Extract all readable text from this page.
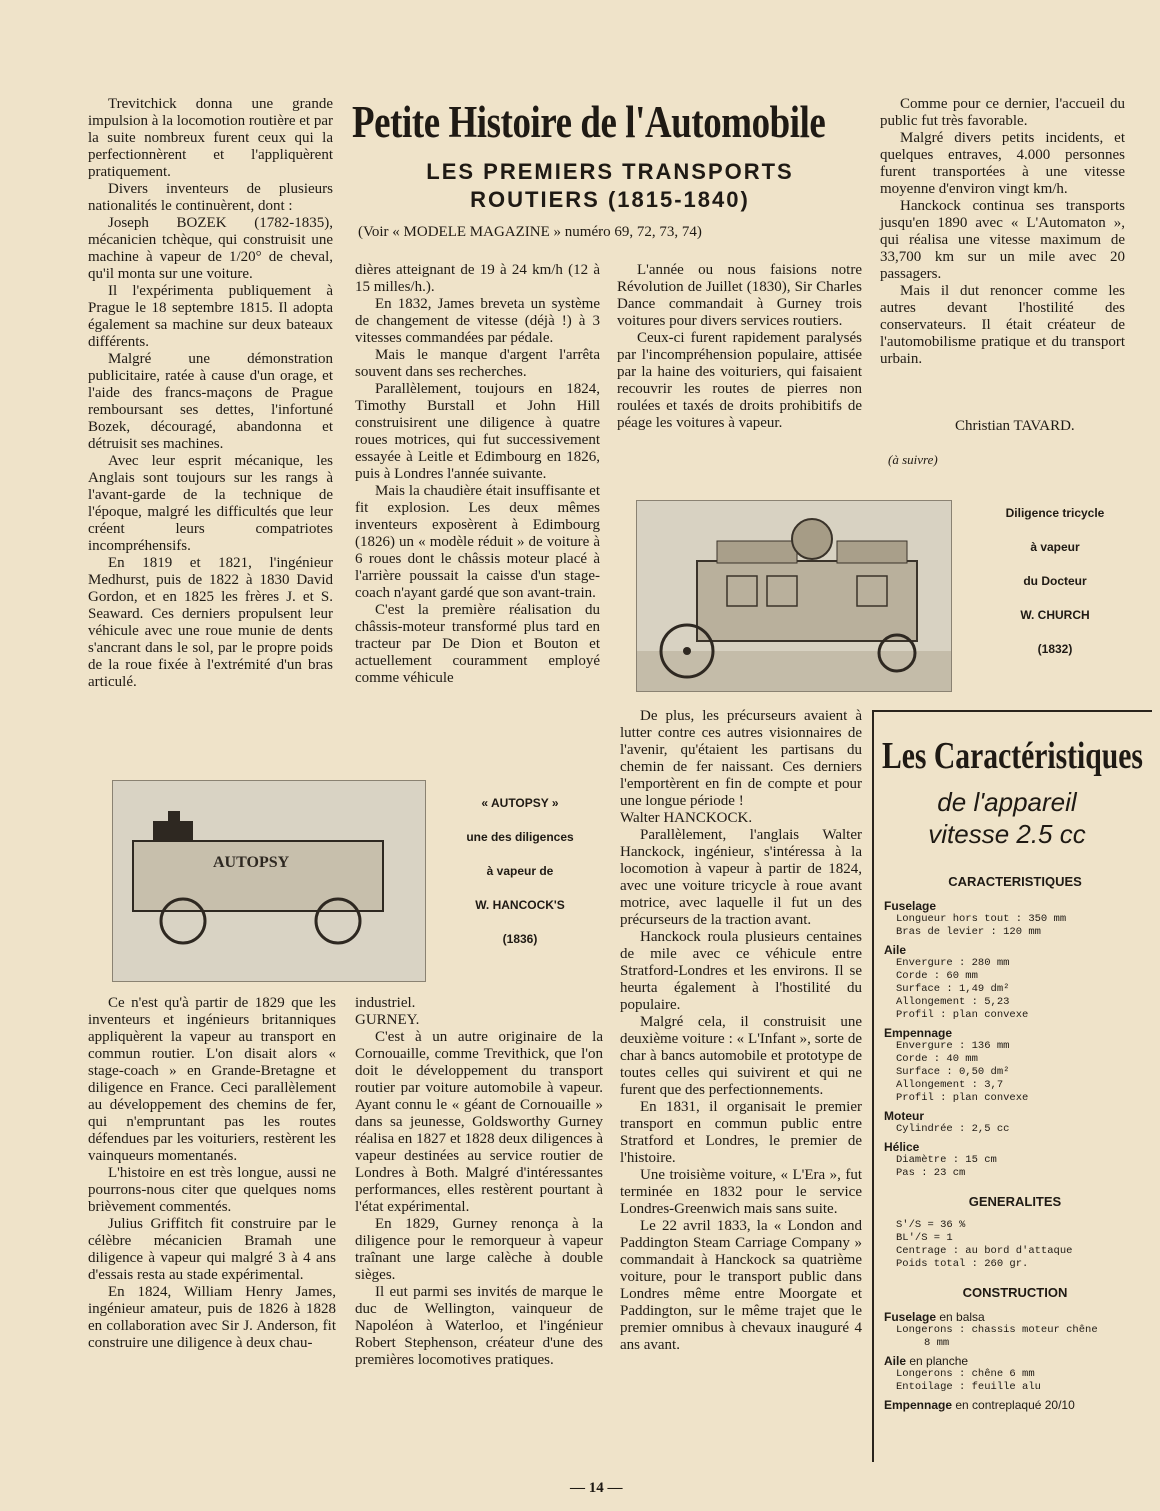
Petite Histoire de l'Automobile
LES PREMIERS TRANSPORTS
ROUTIERS (1815-1840)
(Voir « MODELE MAGAZINE » numéro 69, 72, 73, 74)

Trevitchick donna une grande impulsion à la locomotion routière et par la suite nombreux furent ceux qui la perfectionnèrent et l'appliquèrent pratiquement.

Divers inventeurs de plusieurs nationalités le continuèrent, dont :

Joseph BOZEK (1782-1835), mécanicien tchèque, qui construisit une machine à vapeur de 1/20° de cheval, qu'il monta sur une voiture.

Il l'expérimenta publiquement à Prague le 18 septembre 1815. Il adopta également sa machine sur deux bateaux différents.

Malgré une démonstration publicitaire, ratée à cause d'un orage, et l'aide des francs-maçons de Prague remboursant ses dettes, l'infortuné Bozek, découragé, abandonna et détruisit ses machines.

Avec leur esprit mécanique, les Anglais sont toujours sur les rangs à l'avant-garde de la technique de l'époque, malgré les difficultés que leur créent leurs compatriotes incompréhensifs.

En 1819 et 1821, l'ingénieur Medhurst, puis de 1822 à 1830 David Gordon, et en 1825 les frères J. et S. Seaward. Ces derniers propulsent leur véhicule avec une roue munie de dents s'ancrant dans le sol, par le propre poids de la roue fixée à l'extrémité d'un bras articulé.

dières atteignant de 19 à 24 km/h (12 à 15 milles/h.).

En 1832, James breveta un système de changement de vitesse (déjà !) à 3 vitesses commandées par pédale.

Mais le manque d'argent l'arrêta souvent dans ses recherches.

Parallèlement, toujours en 1824, Timothy Burstall et John Hill construisirent une diligence à quatre roues motrices, qui fut successivement essayée à Leitle et Edimbourg en 1826, puis à Londres l'année suivante.

Mais la chaudière était insuffisante et fit explosion. Les deux mêmes inventeurs exposèrent à Edimbourg (1826) un « modèle réduit » de voiture à 6 roues dont le châssis moteur placé à l'arrière poussait la caisse d'un stage-coach n'ayant gardé que son avant-train.

C'est la première réalisation du châssis-moteur transformé plus tard en tracteur par De Dion et Bouton et actuellement couramment employé comme véhicule

L'année ou nous faisions notre Révolution de Juillet (1830), Sir Charles Dance commandait à Gurney trois voitures pour divers services routiers.

Ceux-ci furent rapidement paralysés par l'incompréhension populaire, attisée par la haine des voituriers, qui faisaient recouvrir les routes de pierres non roulées et taxés de droits prohibitifs de péage les voitures à vapeur.

Comme pour ce dernier, l'accueil du public fut très favorable.

Malgré divers petits incidents, et quelques entraves, 4.000 personnes furent transportées à une vitesse moyenne d'environ vingt km/h.

Hanckock continua ses transports jusqu'en 1890 avec « L'Automaton », qui réalisa une vitesse maximum de 33,700 km sur un mile avec 20 passagers.

Mais il dut renoncer comme les autres devant l'hostilité des conservateurs. Il était créateur de l'automobilisme pratique et du transport urbain.

Christian TAVARD.
(à suivre)
Diligence tricycle
à vapeur
du Docteur
W. CHURCH
(1832)
AUTOPSY
« AUTOPSY »
une des diligences
à vapeur de
W. HANCOCK'S
(1836)

De plus, les précurseurs avaient à lutter contre ces autres visionnaires de l'avenir, qu'étaient les partisans du chemin de fer naissant. Ces derniers l'emportèrent en fin de compte et pour une longue période !

Walter HANCKOCK.

Parallèlement, l'anglais Walter Hanckock, ingénieur, s'intéressa à la locomotion à vapeur à partir de 1824, avec une voiture tricycle à roue avant motrice, avec laquelle il fut un des précurseurs de la traction avant.

Hanckock roula plusieurs centaines de mile avec ce véhicule entre Stratford-Londres et les environs. Il se heurta également à l'hostilité du populaire.

Malgré cela, il construisit une deuxième voiture : « L'Infant », sorte de char à bancs automobile et prototype de toutes celles qui suivirent et qui ne furent que des perfectionnements.

En 1831, il organisait le premier transport en commun public entre Stratford et Londres, le premier de l'histoire.

Une troisième voiture, « L'Era », fut terminée en 1832 pour le service Londres-Greenwich mais sans suite.

Le 22 avril 1833, la « London and Paddington Steam Carriage Company » commandait à Hanckock sa quatrième voiture, pour le transport public dans Londres même entre Moorgate et Paddington, sur le même trajet que le premier omnibus à chevaux inauguré 4 ans avant.

Ce n'est qu'à partir de 1829 que les inventeurs et ingénieurs britanniques appliquèrent la vapeur au transport en commun routier. L'on disait alors « stage-coach » en Grande-Bretagne et diligence en France. Ceci parallèlement au développement des chemins de fer, qui n'empruntant pas les routes défendues par les voituriers, restèrent les vainqueurs momentanés.

L'histoire en est très longue, aussi ne pourrons-nous citer que quelques noms brièvement commentés.

Julius Griffitch fit construire par le célèbre mécanicien Bramah une diligence à vapeur qui malgré 3 à 4 ans d'essais resta au stade expérimental.

En 1824, William Henry James, ingénieur amateur, puis de 1826 à 1828 en collaboration avec Sir J. Anderson, fit construire une diligence à deux chau-

industriel.

GURNEY.

C'est à un autre originaire de la Cornouaille, comme Trevithick, que l'on doit le développement du transport routier par voiture automobile à vapeur. Ayant connu le « géant de Cornouaille » dans sa jeunesse, Goldsworthy Gurney réalisa en 1827 et 1828 deux diligences à vapeur destinées au service routier de Londres à Both. Malgré d'intéressantes performances, elles restèrent pourtant à l'état expérimental.

En 1829, Gurney renonça à la diligence pour le remorqueur à vapeur traînant une large calèche à double sièges.

Il eut parmi ses invités de marque le duc de Wellington, vainqueur de Napoléon à Waterloo, et l'ingénieur Robert Stephenson, créateur d'une des premières locomotives pratiques.

Les Caractéristiques
de l'appareil
vitesse 2.5 cc
CARACTERISTIQUES
Fuselage
Longueur hors tout : 350 mm
Bras de levier : 120 mm
Aile
Envergure : 280 mm
Corde : 60 mm
Surface : 1,49 dm²
Allongement : 5,23
Profil : plan convexe
Empennage
Envergure : 136 mm
Corde : 40 mm
Surface : 0,50 dm²
Allongement : 3,7
Profil : plan convexe
Moteur
Cylindrée : 2,5 cc
Hélice
Diamètre : 15 cm
Pas : 23 cm
GENERALITES
S'/S = 36 %
BL'/S = 1
Centrage : au bord d'attaque
Poids total : 260 gr.
CONSTRUCTION
Fuselage en balsa
Longerons : chassis moteur chêne
8 mm
Aile en planche
Longerons : chêne 6 mm
Entoilage : feuille alu
Empennage en contreplaqué 20/10
— 14 —
